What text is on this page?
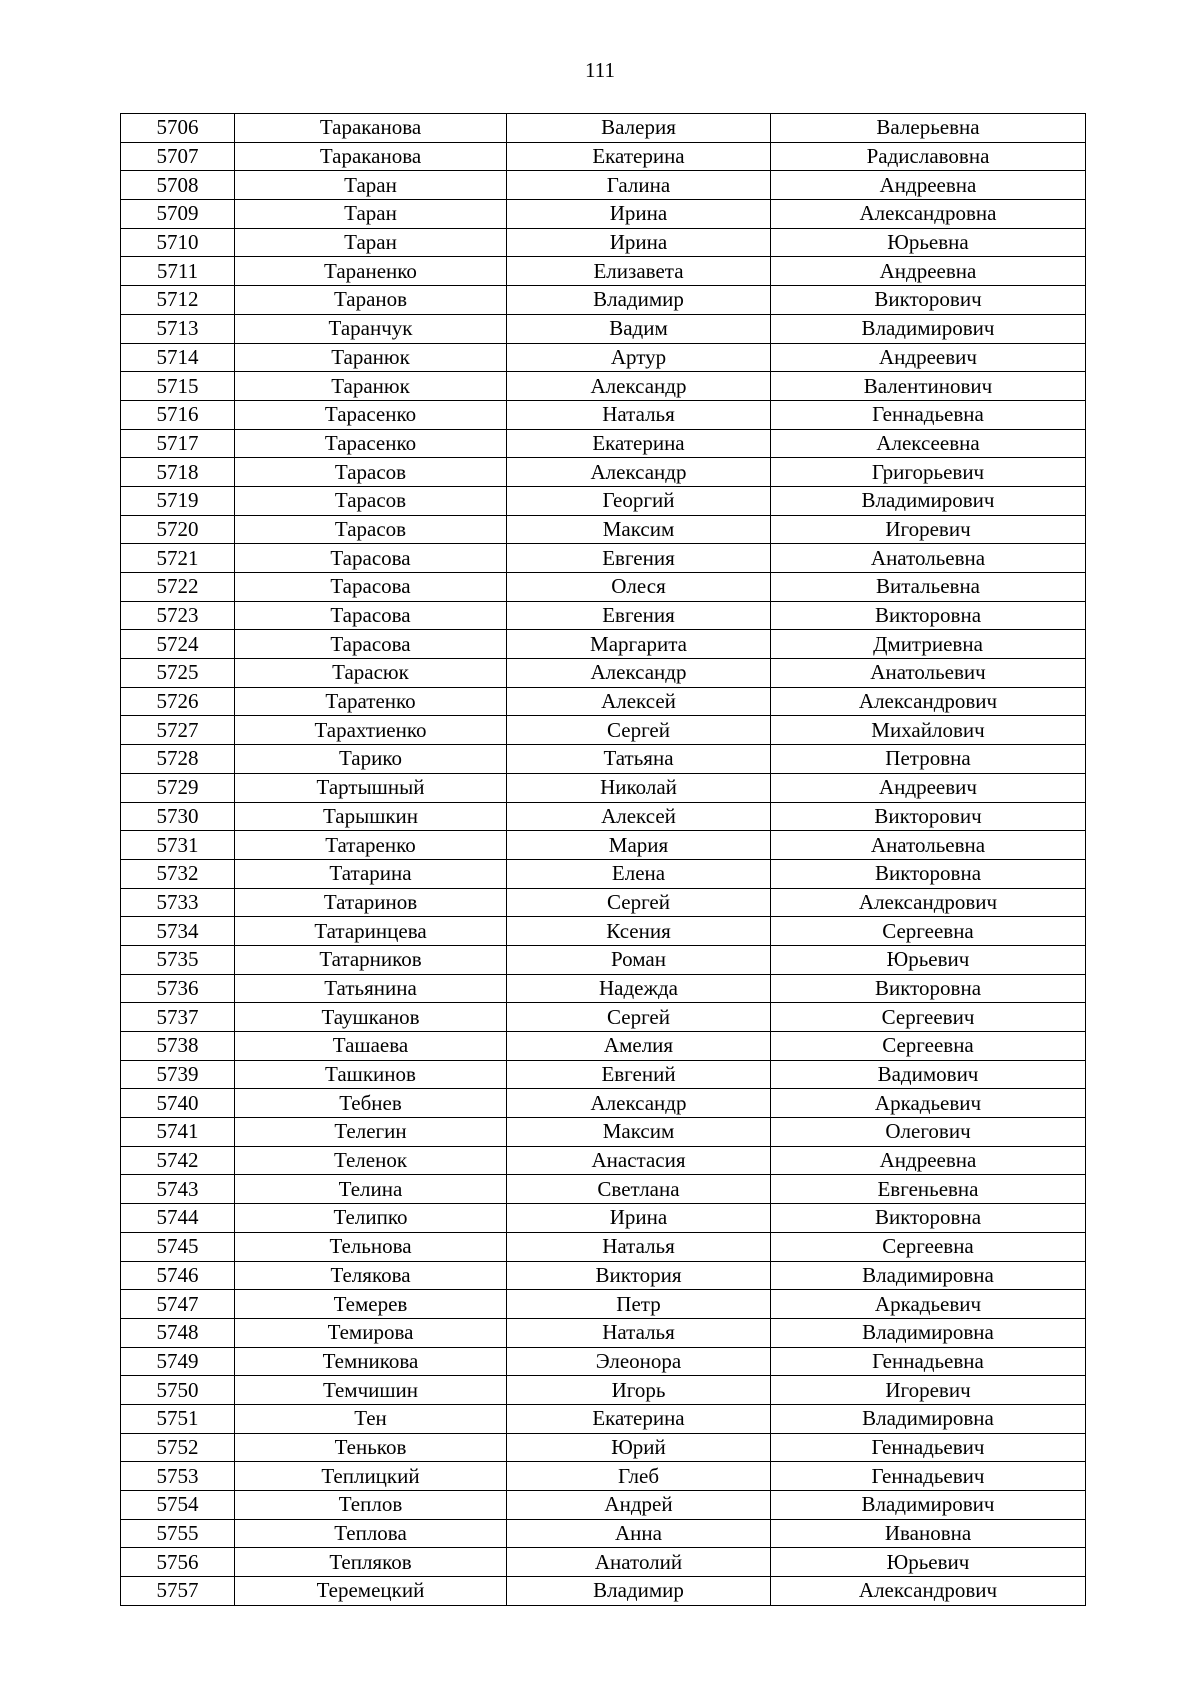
111
5706	Тараканова	Валерия	Валерьевна
5707	Тараканова	Екатерина	Радиславовна
5708	Таран	Галина	Андреевна
5709	Таран	Ирина	Александровна
5710	Таран	Ирина	Юрьевна
5711	Тараненко	Елизавета	Андреевна
5712	Таранов	Владимир	Викторович
5713	Таранчук	Вадим	Владимирович
5714	Таранюк	Артур	Андреевич
5715	Таранюк	Александр	Валентинович
5716	Тарасенко	Наталья	Геннадьевна
5717	Тарасенко	Екатерина	Алексеевна
5718	Тарасов	Александр	Григорьевич
5719	Тарасов	Георгий	Владимирович
5720	Тарасов	Максим	Игоревич
5721	Тарасова	Евгения	Анатольевна
5722	Тарасова	Олеся	Витальевна
5723	Тарасова	Евгения	Викторовна
5724	Тарасова	Маргарита	Дмитриевна
5725	Тарасюк	Александр	Анатольевич
5726	Таратенко	Алексей	Александрович
5727	Тарахтиенко	Сергей	Михайлович
5728	Тарико	Татьяна	Петровна
5729	Тартышный	Николай	Андреевич
5730	Тарышкин	Алексей	Викторович
5731	Татаренко	Мария	Анатольевна
5732	Татарина	Елена	Викторовна
5733	Татаринов	Сергей	Александрович
5734	Татаринцева	Ксения	Сергеевна
5735	Татарников	Роман	Юрьевич
5736	Татьянина	Надежда	Викторовна
5737	Таушканов	Сергей	Сергеевич
5738	Ташаева	Амелия	Сергеевна
5739	Ташкинов	Евгений	Вадимович
5740	Тебнев	Александр	Аркадьевич
5741	Телегин	Максим	Олегович
5742	Теленок	Анастасия	Андреевна
5743	Телина	Светлана	Евгеньевна
5744	Телипко	Ирина	Викторовна
5745	Тельнова	Наталья	Сергеевна
5746	Телякова	Виктория	Владимировна
5747	Темерев	Петр	Аркадьевич
5748	Темирова	Наталья	Владимировна
5749	Темникова	Элеонора	Геннадьевна
5750	Темчишин	Игорь	Игоревич
5751	Тен	Екатерина	Владимировна
5752	Теньков	Юрий	Геннадьевич
5753	Теплицкий	Глеб	Геннадьевич
5754	Теплов	Андрей	Владимирович
5755	Теплова	Анна	Ивановна
5756	Тепляков	Анатолий	Юрьевич
5757	Теремецкий	Владимир	Александрович
